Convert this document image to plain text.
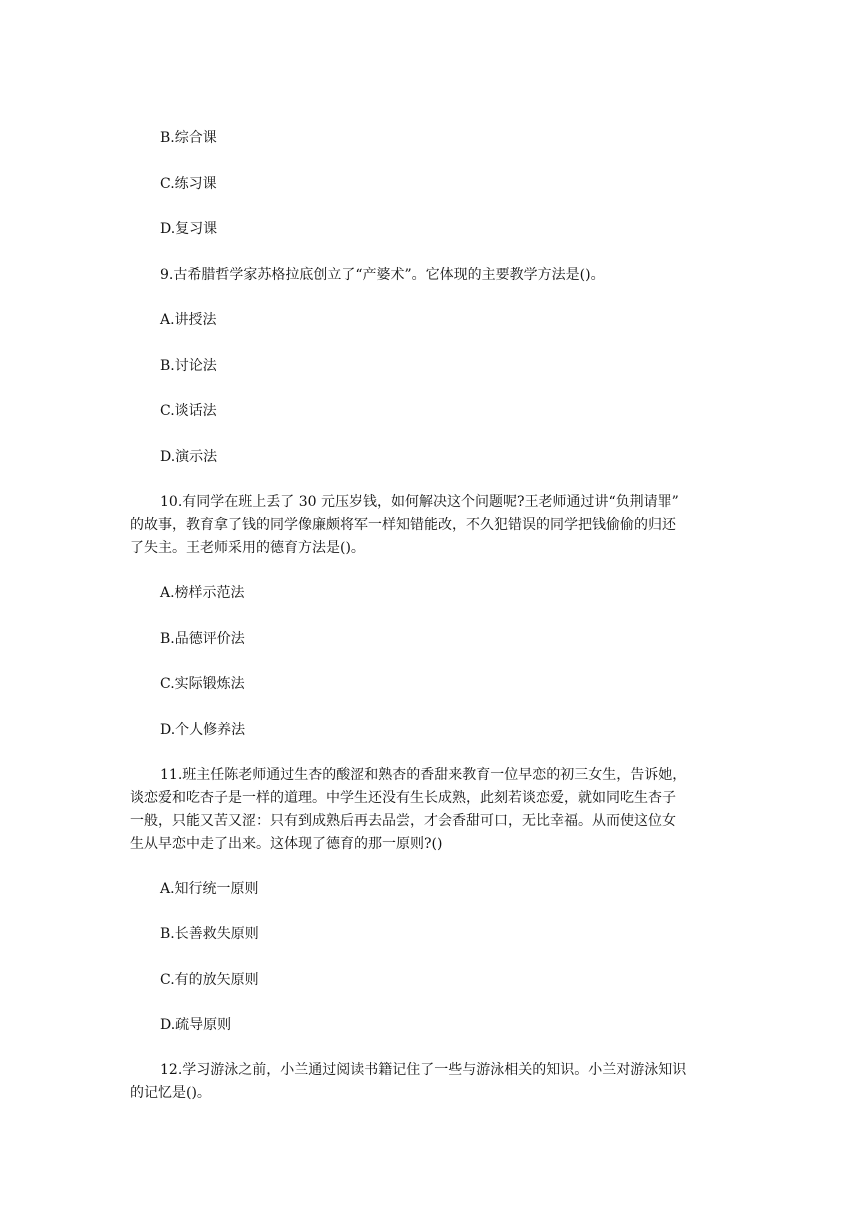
B.综合课
C.练习课
D.复习课
9.古希腊哲学家苏格拉底创立了“产婆术”。它体现的主要教学方法是()。
A.讲授法
B.讨论法
C.谈话法
D.演示法
10.有同学在班上丢了 30 元压岁钱，如何解决这个问题呢?王老师通过讲“负荆请罪”
的故事，教育拿了钱的同学像廉颇将军一样知错能改，不久犯错误的同学把钱偷偷的归还
了失主。王老师采用的德育方法是()。
A.榜样示范法
B.品德评价法
C.实际锻炼法
D.个人修养法
11.班主任陈老师通过生杏的酸涩和熟杏的香甜来教育一位早恋的初三女生，告诉她，
谈恋爱和吃杏子是一样的道理。中学生还没有生长成熟，此刻若谈恋爱，就如同吃生杏子
一般，只能又苦又涩：只有到成熟后再去品尝，才会香甜可口，无比幸福。从而使这位女
生从早恋中走了出来。这体现了德育的那一原则?()
A.知行统一原则
B.长善救失原则
C.有的放矢原则
D.疏导原则
12.学习游泳之前，小兰通过阅读书籍记住了一些与游泳相关的知识。小兰对游泳知识
的记忆是()。
